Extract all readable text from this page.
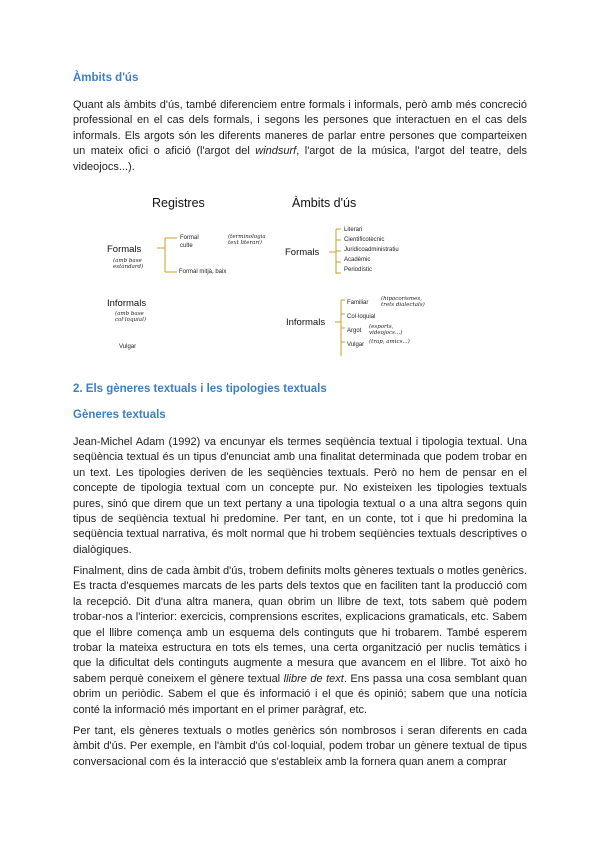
Àmbits d'ús

Quant als àmbits d'ús, també diferenciem entre formals i informals, però amb més concreció professional en el cas dels formals, i segons les persones que interactuen en el cas dels informals. Els argots són les diferents maneres de parlar entre persones que comparteixen un mateix ofici o afició (l'argot del windsurf, l'argot de la música, l'argot del teatre, dels videojocs...).

Registres	Àmbits d'ús
Formals
(amb base estàndard)
Formal culte
(terminologia text literari)
Formal mitjà, baix
Informals
(amb base col·loquial)
Vulgar
Formals
Literari
Cientificotècnic
Juridicoadministratiu
Acadèmic
Periodístic
Informals
Familiar
Col·loquial
Argot
Vulgar
(hipocorismes, trets dialectals)
(esports, videojocs...)
(trap, amics...)
2. Els gèneres textuals i les tipologies textuals
Gèneres textuals

Jean-Michel Adam (1992) va encunyar els termes seqüència textual i tipologia textual. Una seqüència textual és un tipus d'enunciat amb una finalitat determinada que podem trobar en un text. Les tipologies deriven de les seqüències textuals. Però no hem de pensar en el concepte de tipologia textual com un concepte pur. No existeixen les tipologies textuals pures, sinó que direm que un text pertany a una tipologia textual o a una altra segons quin tipus de seqüència textual hi predomine. Per tant, en un conte, tot i que hi predomina la seqüència textual narrativa, és molt normal que hi trobem seqüències textuals descriptives o dialògiques.

Finalment, dins de cada àmbit d'ús, trobem definits molts gèneres textuals o motles genèrics. Es tracta d'esquemes marcats de les parts dels textos que en faciliten tant la producció com la recepció. Dit d'una altra manera, quan obrim un llibre de text, tots sabem què podem trobar-nos a l'interior: exercicis, comprensions escrites, explicacions gramaticals, etc. Sabem que el llibre comença amb un esquema dels continguts que hi trobarem. També esperem trobar la mateixa estructura en tots els temes, una certa organització per nuclis temàtics i que la dificultat dels continguts augmente a mesura que avancem en el llibre. Tot això ho sabem perquè coneixem el gènere textual llibre de text. Ens passa una cosa semblant quan obrim un periòdic. Sabem el que és informació i el que és opinió; sabem que una notícia conté la informació més important en el primer paràgraf, etc.

Per tant, els gèneres textuals o motles genèrics són nombrosos i seran diferents en cada àmbit d'ús. Per exemple, en l'àmbit d'ús col·loquial, podem trobar un gènere textual de tipus conversacional com és la interacció que s'estableix amb la fornera quan anem a comprar
